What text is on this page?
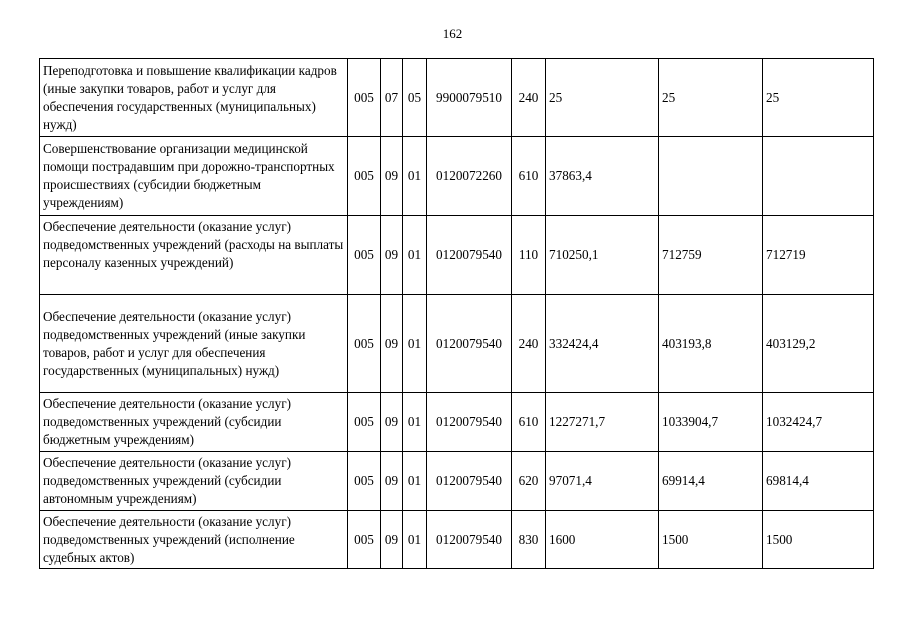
162
Переподготовка и повышение квалификации кадров (иные закупки товаров, работ и услуг для обеспечения государственных (муниципальных) нужд)	005	07	05	9900079510	240	25	25	25
Совершенствование организации медицинской помощи пострадавшим при дорожно-транспортных происшествиях (субсидии бюджетным учреждениям)	005	09	01	0120072260	610	37863,4		
Обеспечение деятельности (оказание услуг) подведомственных учреждений (расходы на выплаты персоналу казенных учреждений)	005	09	01	0120079540	110	710250,1	712759	712719
Обеспечение деятельности (оказание услуг) подведомственных учреждений (иные закупки товаров, работ и услуг для обеспечения государственных (муниципальных) нужд)	005	09	01	0120079540	240	332424,4	403193,8	403129,2
Обеспечение деятельности (оказание услуг) подведомственных учреждений (субсидии бюджетным учреждениям)	005	09	01	0120079540	610	1227271,7	1033904,7	1032424,7
Обеспечение деятельности (оказание услуг) подведомственных учреждений (субсидии автономным учреждениям)	005	09	01	0120079540	620	97071,4	69914,4	69814,4
Обеспечение деятельности (оказание услуг) подведомственных учреждений (исполнение судебных актов)	005	09	01	0120079540	830	1600	1500	1500
